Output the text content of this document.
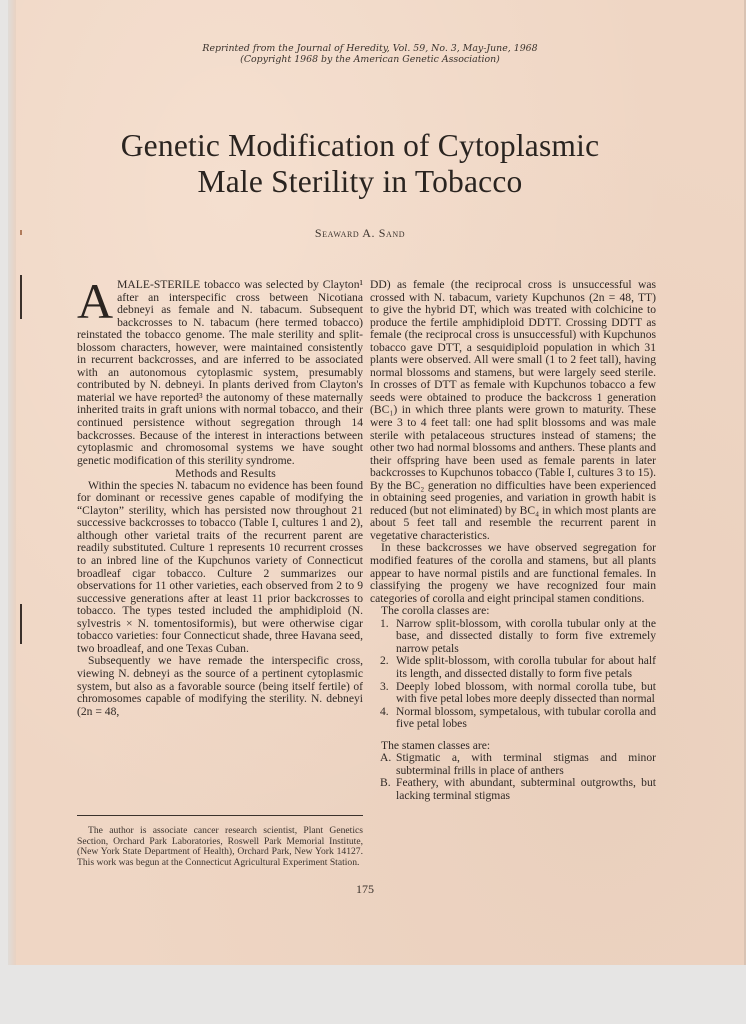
Reprinted from the Journal of Heredity, Vol. 59, No. 3, May-June, 1968
(Copyright 1968 by the American Genetic Association)
Genetic Modification of Cytoplasmic
Male Sterility in Tobacco
Seaward A. Sand

A MALE-STERILE tobacco was selected by Clayton¹ after an interspecific cross between Nicotiana debneyi as female and N. tabacum. Subsequent backcrosses to N. tabacum (here termed tobacco) reinstated the tobacco genome. The male sterility and split-blossom characters, however, were maintained consistently in recurrent backcrosses, and are inferred to be associated with an autonomous cytoplasmic system, presumably contributed by N. debneyi. In plants derived from Clayton's material we have reported³ the autonomy of these maternally inherited traits in graft unions with normal tobacco, and their continued persistence without segregation through 14 backcrosses. Because of the interest in interactions between cytoplasmic and chromosomal systems we have sought genetic modification of this sterility syndrome.

Methods and Results

Within the species N. tabacum no evidence has been found for dominant or recessive genes capable of modifying the “Clayton” sterility, which has persisted now throughout 21 successive backcrosses to tobacco (Table I, cultures 1 and 2), although other varietal traits of the recurrent parent are readily substituted. Culture 1 represents 10 recurrent crosses to an inbred line of the Kupchunos variety of Connecticut broadleaf cigar tobacco. Culture 2 summarizes our observations for 11 other varieties, each observed from 2 to 9 successive generations after at least 11 prior backcrosses to tobacco. The types tested included the amphidiploid (N. sylvestris × N. tomentosiformis), but were otherwise cigar tobacco varieties: four Connecticut shade, three Havana seed, two broadleaf, and one Texas Cuban.

Subsequently we have remade the interspecific cross, viewing N. debneyi as the source of a pertinent cytoplasmic system, but also as a favorable source (being itself fertile) of chromosomes capable of modifying the sterility. N. debneyi (2n = 48,

The author is associate cancer research scientist, Plant Genetics Section, Orchard Park Laboratories, Roswell Park Memorial Institute, (New York State Department of Health), Orchard Park, New York 14127. This work was begun at the Connecticut Agricultural Experiment Station.

DD) as female (the reciprocal cross is unsuccessful was crossed with N. tabacum, variety Kupchunos (2n = 48, TT) to give the hybrid DT, which was treated with colchicine to produce the fertile amphidiploid DDTT. Crossing DDTT as female (the reciprocal cross is unsuccessful) with Kupchunos tobacco gave DTT, a sesquidiploid population in which 31 plants were observed. All were small (1 to 2 feet tall), having normal blossoms and stamens, but were largely seed sterile. In crosses of DTT as female with Kupchunos tobacco a few seeds were obtained to produce the backcross 1 generation (BC₁) in which three plants were grown to maturity. These were 3 to 4 feet tall: one had split blossoms and was male sterile with petalaceous structures instead of stamens; the other two had normal blossoms and anthers. These plants and their offspring have been used as female parents in later backcrosses to Kupchunos tobacco (Table I, cultures 3 to 15). By the BC₂ generation no difficulties have been experienced in obtaining seed progenies, and variation in growth habit is reduced (but not eliminated) by BC₄ in which most plants are about 5 feet tall and resemble the recurrent parent in vegetative characteristics.

In these backcrosses we have observed segregation for modified features of the corolla and stamens, but all plants appear to have normal pistils and are functional females. In classifying the progeny we have recognized four main categories of corolla and eight principal stamen conditions.

The corolla classes are:

1. Narrow split-blossom, with corolla tubular only at the base, and dissected distally to form five extremely narrow petals
2. Wide split-blossom, with corolla tubular for about half its length, and dissected distally to form five petals
3. Deeply lobed blossom, with normal corolla tube, but with five petal lobes more deeply dissected than normal
4. Normal blossom, sympetalous, with tubular corolla and five petal lobes

The stamen classes are:

A. Stigmatic a, with terminal stigmas and minor subterminal frills in place of anthers
B. Feathery, with abundant, subterminal outgrowths, but lacking terminal stigmas
175
